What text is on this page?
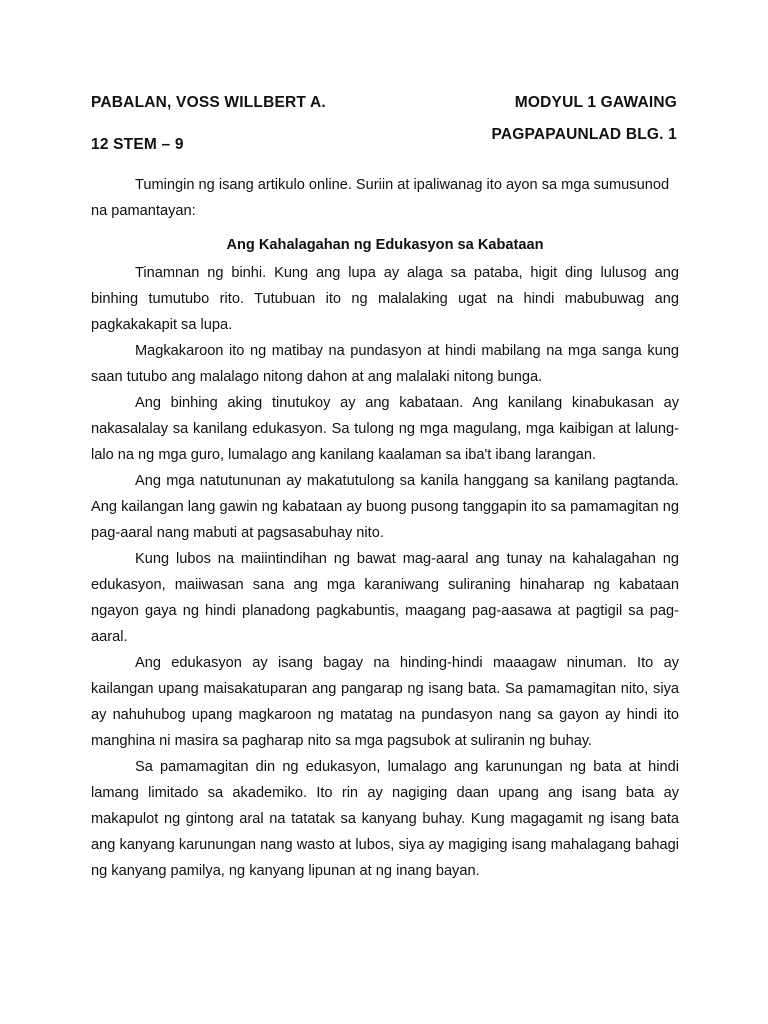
PABALAN, VOSS WILLBERT A.
12 STEM – 9
MODYUL 1 GAWAING
PAGPAPAUNLAD BLG. 1

Tumingin ng isang artikulo online. Suriin at ipaliwanag ito ayon sa mga sumusunod na pamantayan:

Ang Kahalagahan ng Edukasyon sa Kabataan

Tinamnan ng binhi. Kung ang lupa ay alaga sa pataba, higit ding lulusog ang binhing tumutubo rito. Tutubuan ito ng malalaking ugat na hindi mabubuwag ang pagkakakapit sa lupa.

Magkakaroon ito ng matibay na pundasyon at hindi mabilang na mga sanga kung saan tutubo ang malalago nitong dahon at ang malalaki nitong bunga.

Ang binhing aking tinutukoy ay ang kabataan. Ang kanilang kinabukasan ay nakasalalay sa kanilang edukasyon. Sa tulong ng mga magulang, mga kaibigan at lalung-lalo na ng mga guro, lumalago ang kanilang kaalaman sa iba't ibang larangan.

Ang mga natutununan ay makatutulong sa kanila hanggang sa kanilang pagtanda. Ang kailangan lang gawin ng kabataan ay buong pusong tanggapin ito sa pamamagitan ng pag-aaral nang mabuti at pagsasabuhay nito.

Kung lubos na maiintindihan ng bawat mag-aaral ang tunay na kahalagahan ng edukasyon, maiiwasan sana ang mga karaniwang suliraning hinaharap ng kabataan ngayon gaya ng hindi planadong pagkabuntis, maagang pag-aasawa at pagtigil sa pag-aaral.

Ang edukasyon ay isang bagay na hinding-hindi maaagaw ninuman. Ito ay kailangan upang maisakatuparan ang pangarap ng isang bata. Sa pamamagitan nito, siya ay nahuhubog upang magkaroon ng matatag na pundasyon nang sa gayon ay hindi ito manghina ni masira sa pagharap nito sa mga pagsubok at suliranin ng buhay.

Sa pamamagitan din ng edukasyon, lumalago ang karunungan ng bata at hindi lamang limitado sa akademiko. Ito rin ay nagiging daan upang ang isang bata ay makapulot ng gintong aral na tatatak sa kanyang buhay. Kung magagamit ng isang bata ang kanyang karunungan nang wasto at lubos, siya ay magiging isang mahalagang bahagi ng kanyang pamilya, ng kanyang lipunan at ng inang bayan.
